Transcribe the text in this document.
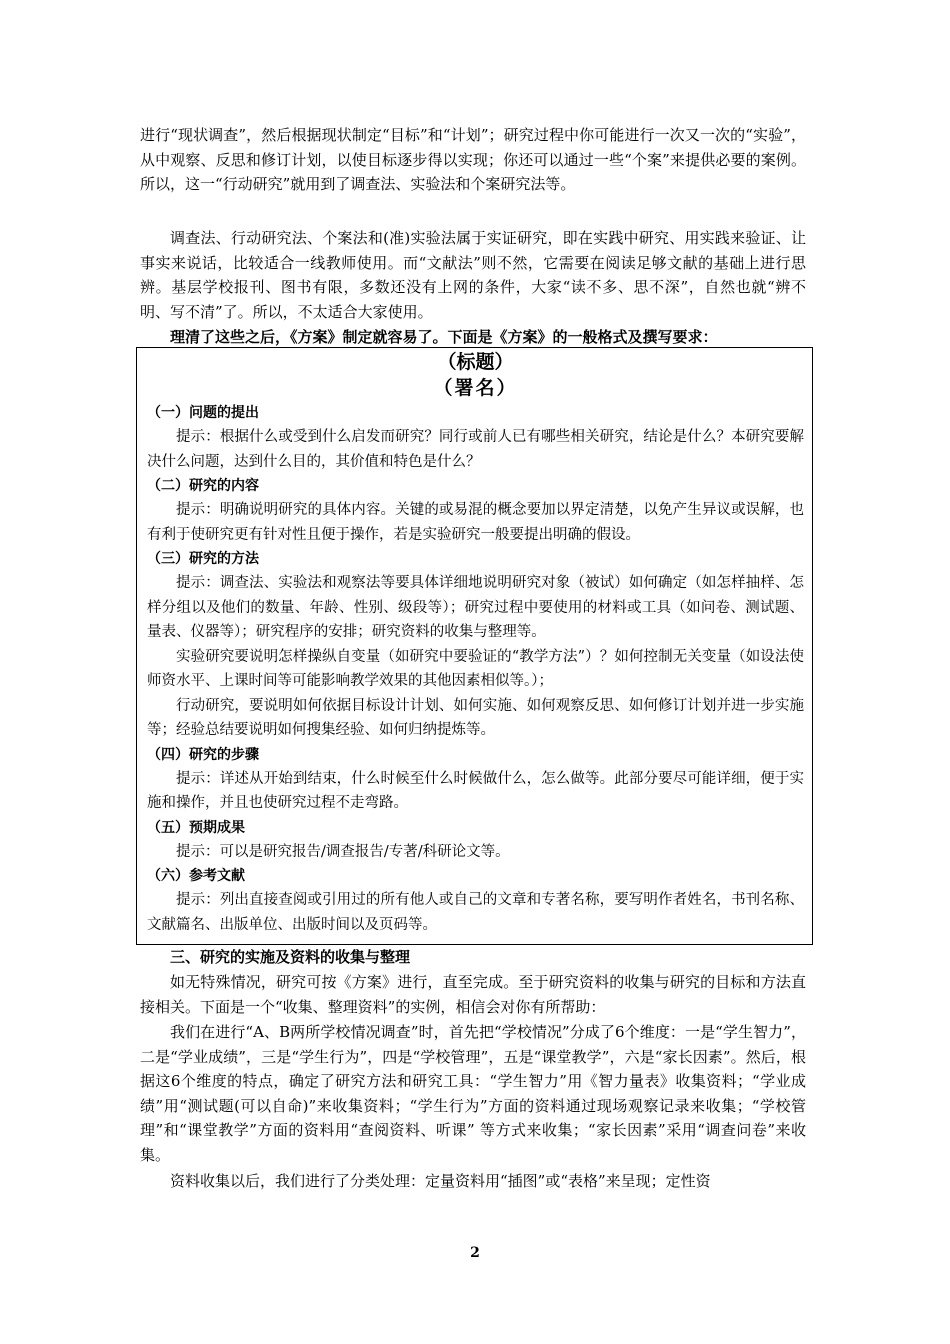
进行“现状调查”，然后根据现状制定“目标”和“计划”；研究过程中你可能进行一次又一次的“实验”，从中观察、反思和修订计划，以使目标逐步得以实现；你还可以通过一些“个案”来提供必要的案例。所以，这一“行动研究”就用到了调查法、实验法和个案研究法等。

调查法、行动研究法、个案法和(准)实验法属于实证研究，即在实践中研究、用实践来验证、让事实来说话，比较适合一线教师使用。而“文献法”则不然，它需要在阅读足够文献的基础上进行思辨。基层学校报刊、图书有限，多数还没有上网的条件，大家“读不多、思不深”，自然也就“辨不明、写不清”了。所以，不太适合大家使用。

理清了这些之后，《方案》制定就容易了。下面是《方案》的一般格式及撰写要求：

（标题）

（署名）

（一）问题的提出

提示：根据什么或受到什么启发而研究？同行或前人已有哪些相关研究，结论是什么？本研究要解决什么问题，达到什么目的，其价值和特色是什么？

（二）研究的内容

提示：明确说明研究的具体内容。关键的或易混的概念要加以界定清楚，以免产生异议或误解，也有利于使研究更有针对性且便于操作，若是实验研究一般要提出明确的假设。

（三）研究的方法

提示：调查法、实验法和观察法等要具体详细地说明研究对象（被试）如何确定（如怎样抽样、怎样分组以及他们的数量、年龄、性别、级段等）；研究过程中要使用的材料或工具（如问卷、测试题、量表、仪器等）；研究程序的安排；研究资料的收集与整理等。

实验研究要说明怎样操纵自变量（如研究中要验证的“教学方法”）？如何控制无关变量（如设法使师资水平、上课时间等可能影响教学效果的其他因素相似等。）；

行动研究，要说明如何依据目标设计计划、如何实施、如何观察反思、如何修订计划并进一步实施等；经验总结要说明如何搜集经验、如何归纳提炼等。

（四）研究的步骤

提示：详述从开始到结束，什么时候至什么时候做什么，怎么做等。此部分要尽可能详细，便于实施和操作，并且也使研究过程不走弯路。

（五）预期成果

提示：可以是研究报告/调查报告/专著/科研论文等。

（六）参考文献

提示：列出直接查阅或引用过的所有他人或自己的文章和专著名称，要写明作者姓名，书刊名称、文献篇名、出版单位、出版时间以及页码等。

三、研究的实施及资料的收集与整理

如无特殊情况，研究可按《方案》进行，直至完成。至于研究资料的收集与研究的目标和方法直接相关。下面是一个“收集、整理资料”的实例，相信会对你有所帮助：

我们在进行“A、B两所学校情况调查”时，首先把“学校情况”分成了6个维度：一是“学生智力”，二是“学业成绩”，三是“学生行为”，四是“学校管理”，五是“课堂教学”，六是“家长因素”。然后，根据这6个维度的特点，确定了研究方法和研究工具：“学生智力”用《智力量表》收集资料；“学业成绩”用“测试题(可以自命)”来收集资料；“学生行为”方面的资料通过现场观察记录来收集；“学校管理”和“课堂教学”方面的资料用“查阅资料、听课” 等方式来收集；“家长因素”采用“调查问卷”来收集。

资料收集以后，我们进行了分类处理：定量资料用“插图”或“表格”来呈现；定性资

2
